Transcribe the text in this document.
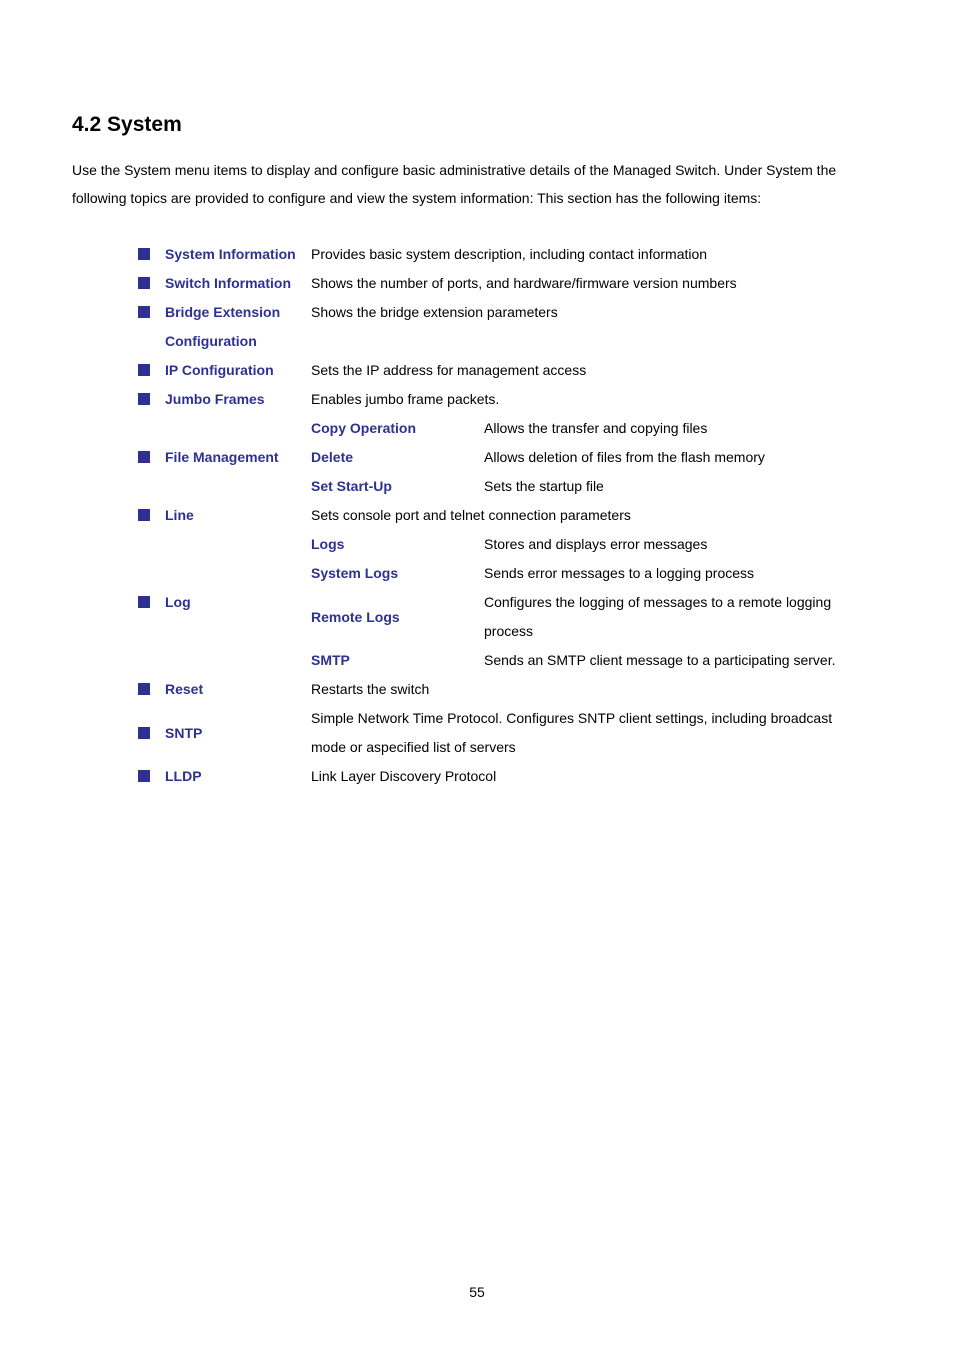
4.2 System

Use the System menu items to display and configure basic administrative details of the Managed Switch. Under System the following topics are provided to configure and view the system information: This section has the following items:

	System Information	Provides basic system description, including contact information	
	Switch Information	Shows the number of ports, and hardware/firmware version numbers	
	Bridge Extension Configuration	Shows the bridge extension parameters	
	IP Configuration	Sets the IP address for management access	
	Jumbo Frames	Enables jumbo frame packets.	
	File Management	Copy Operation	Allows the transfer and copying files
		Delete	Allows deletion of files from the flash memory
		Set Start-Up	Sets the startup file
	Line	Sets console port and telnet connection parameters	
	Log	Logs	Stores and displays error messages
		System Logs	Sends error messages to a logging process
		Remote Logs	Configures the logging of messages to a remote logging process
		SMTP	Sends an SMTP client message to a participating server.
	Reset	Restarts the switch	
	SNTP	Simple Network Time Protocol. Configures SNTP client settings, including broadcast mode or aspecified list of servers	
	LLDP	Link Layer Discovery Protocol	
55
